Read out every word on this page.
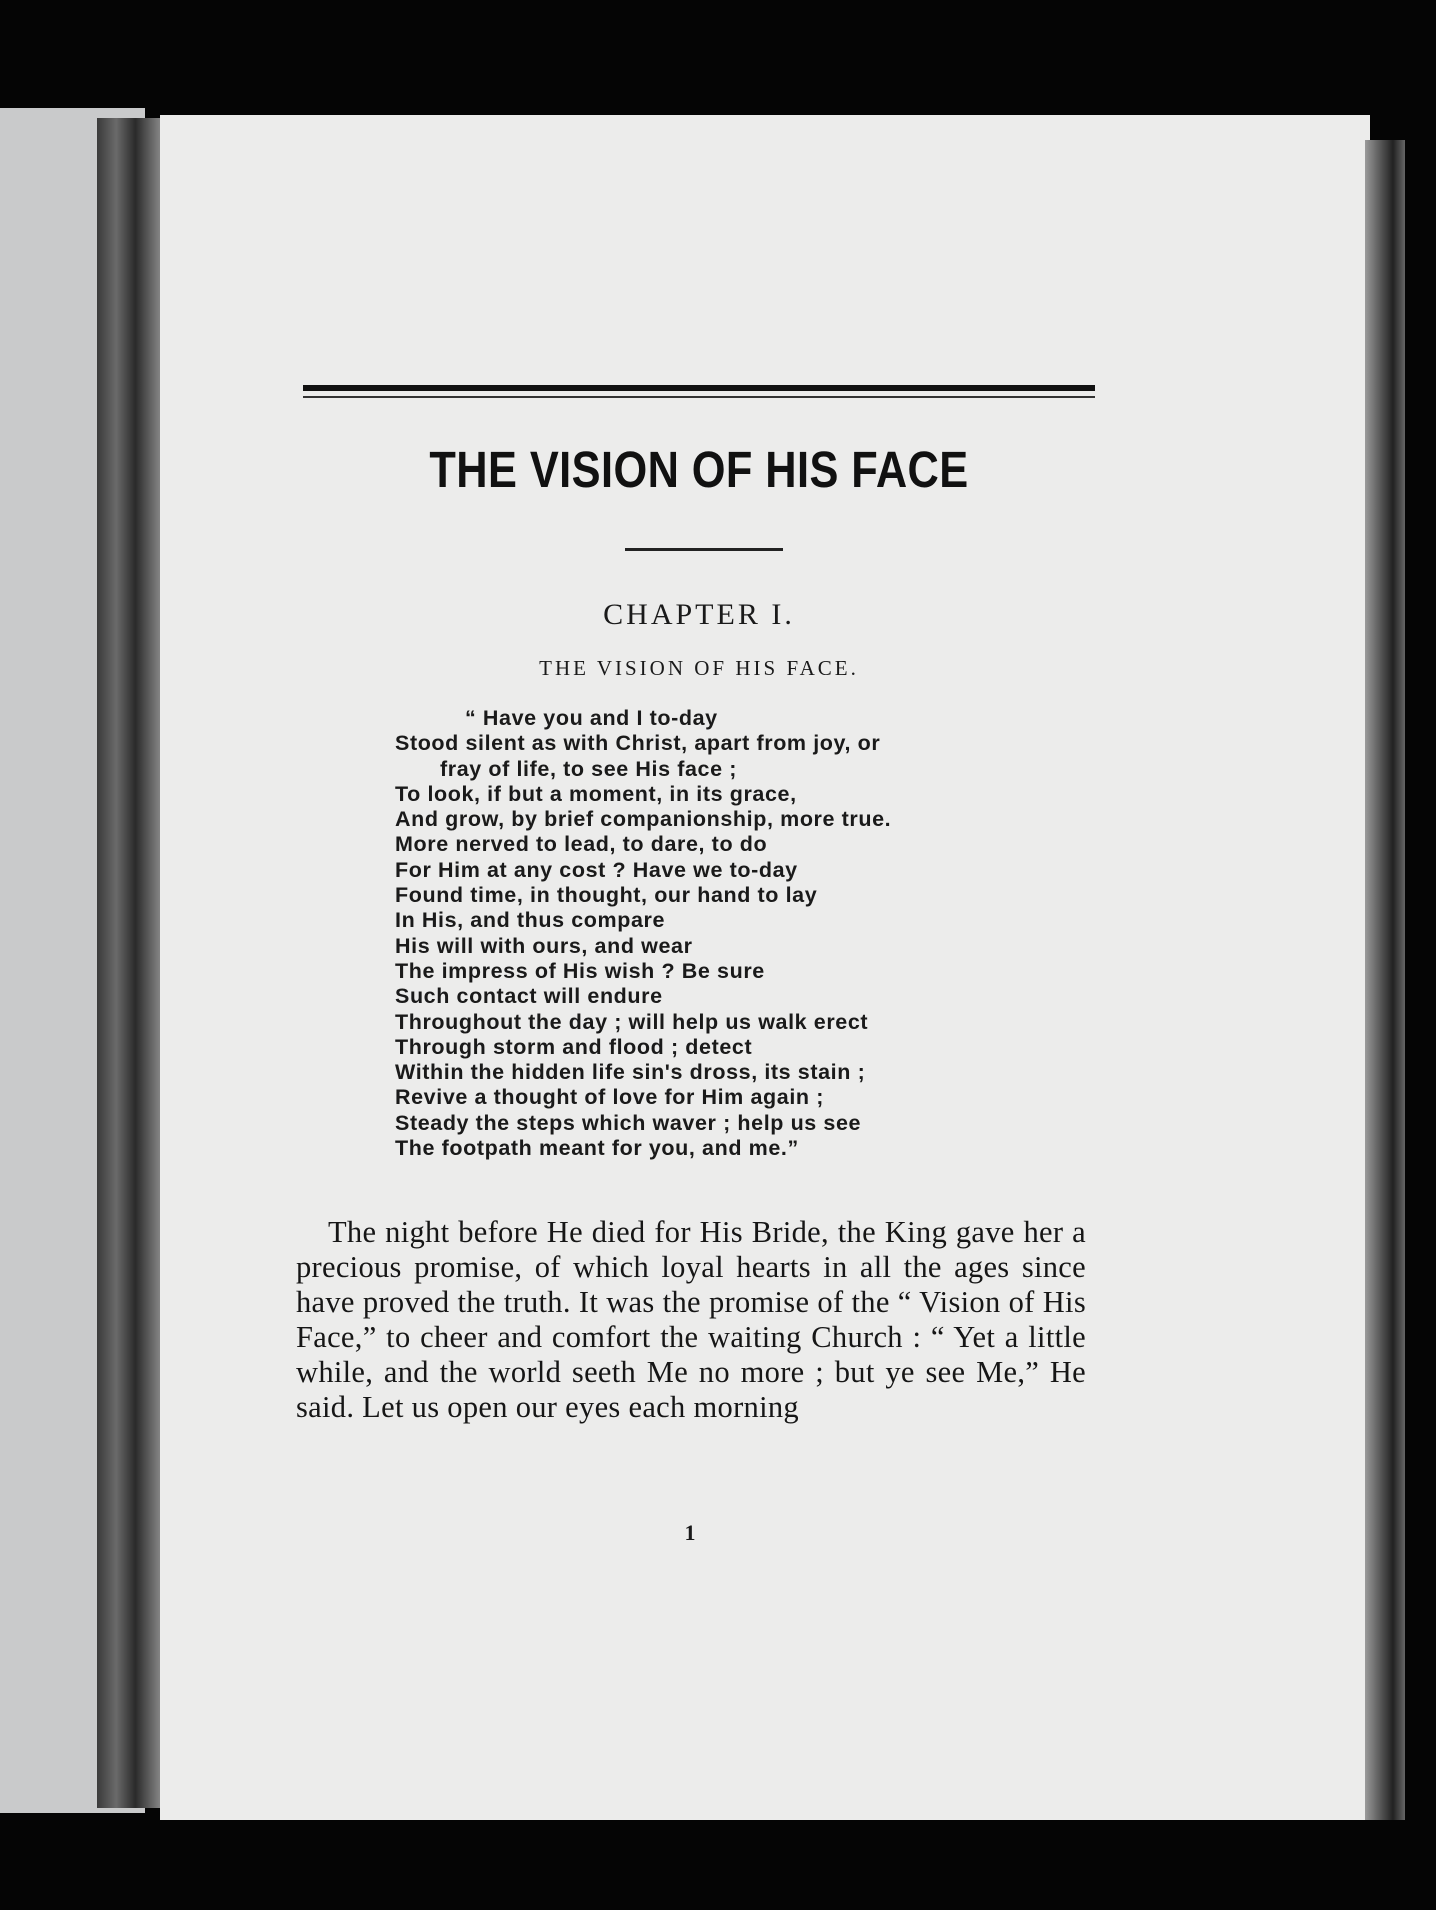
THE VISION OF HIS FACE
CHAPTER I.
THE VISION OF HIS FACE.
“ Have you and I to-day
Stood silent as with Christ, apart from joy, or
fray of life, to see His face ;
To look, if but a moment, in its grace,
And grow, by brief companionship, more true.
More nerved to lead, to dare, to do
For Him at any cost ? Have we to-day
Found time, in thought, our hand to lay
In His, and thus compare
His will with ours, and wear
The impress of His wish ? Be sure
Such contact will endure
Throughout the day ; will help us walk erect
Through storm and flood ; detect
Within the hidden life sin's dross, its stain ;
Revive a thought of love for Him again ;
Steady the steps which waver ; help us see
The footpath meant for you, and me.”
The night before He died for His Bride, the King gave her a precious promise, of which loyal hearts in all the ages since have proved the truth. It was the promise of the “ Vision of His Face,” to cheer and comfort the waiting Church : “ Yet a little while, and the world seeth Me no more ; but ye see Me,” He said. Let us open our eyes each morning
1
